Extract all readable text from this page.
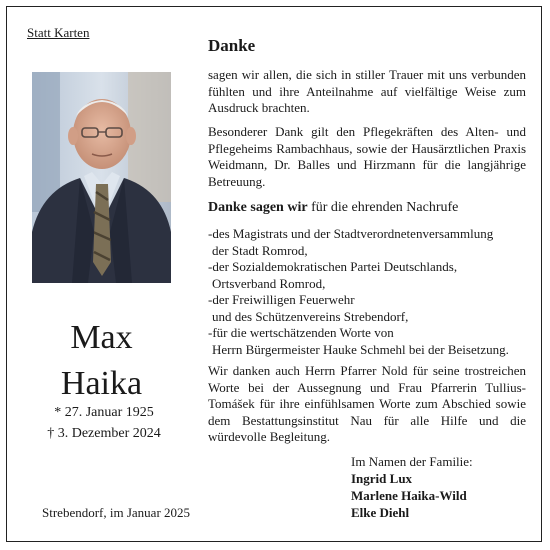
Statt Karten
Max
Haika
* 27. Januar 1925
† 3. Dezember 2024
Strebendorf, im Januar 2025
Danke
sagen wir allen, die sich in stiller Trauer mit uns verbunden fühlten und ihre Anteilnahme auf vielfältige Weise zum Ausdruck brachten.
Besonderer Dank gilt den Pflegekräften des Alten- und Pflegeheims Rambachhaus, sowie der Hausärztlichen Praxis Weidmann, Dr. Balles und Hirzmann für die langjährige Betreuung.
Danke sagen wir für die ehrenden Nachrufe
-des Magistrats und der Stadtverordnetenversammlung
der Stadt Romrod,
-der Sozialdemokratischen Partei Deutschlands,
Ortsverband Romrod,
-der Freiwilligen Feuerwehr
und des Schützenvereins Strebendorf,
-für die wertschätzenden Worte von
Herrn Bürgermeister Hauke Schmehl bei der Beisetzung.
Wir danken auch Herrn Pfarrer Nold für seine trostreichen Worte bei der Aussegnung und Frau Pfarrerin Tullius-Tomášek für ihre einfühlsamen Worte zum Abschied sowie dem Bestattungsinstitut Nau für alle Hilfe und die würdevolle Begleitung.
Im Namen der Familie:
Ingrid Lux
Marlene Haika-Wild
Elke Diehl
